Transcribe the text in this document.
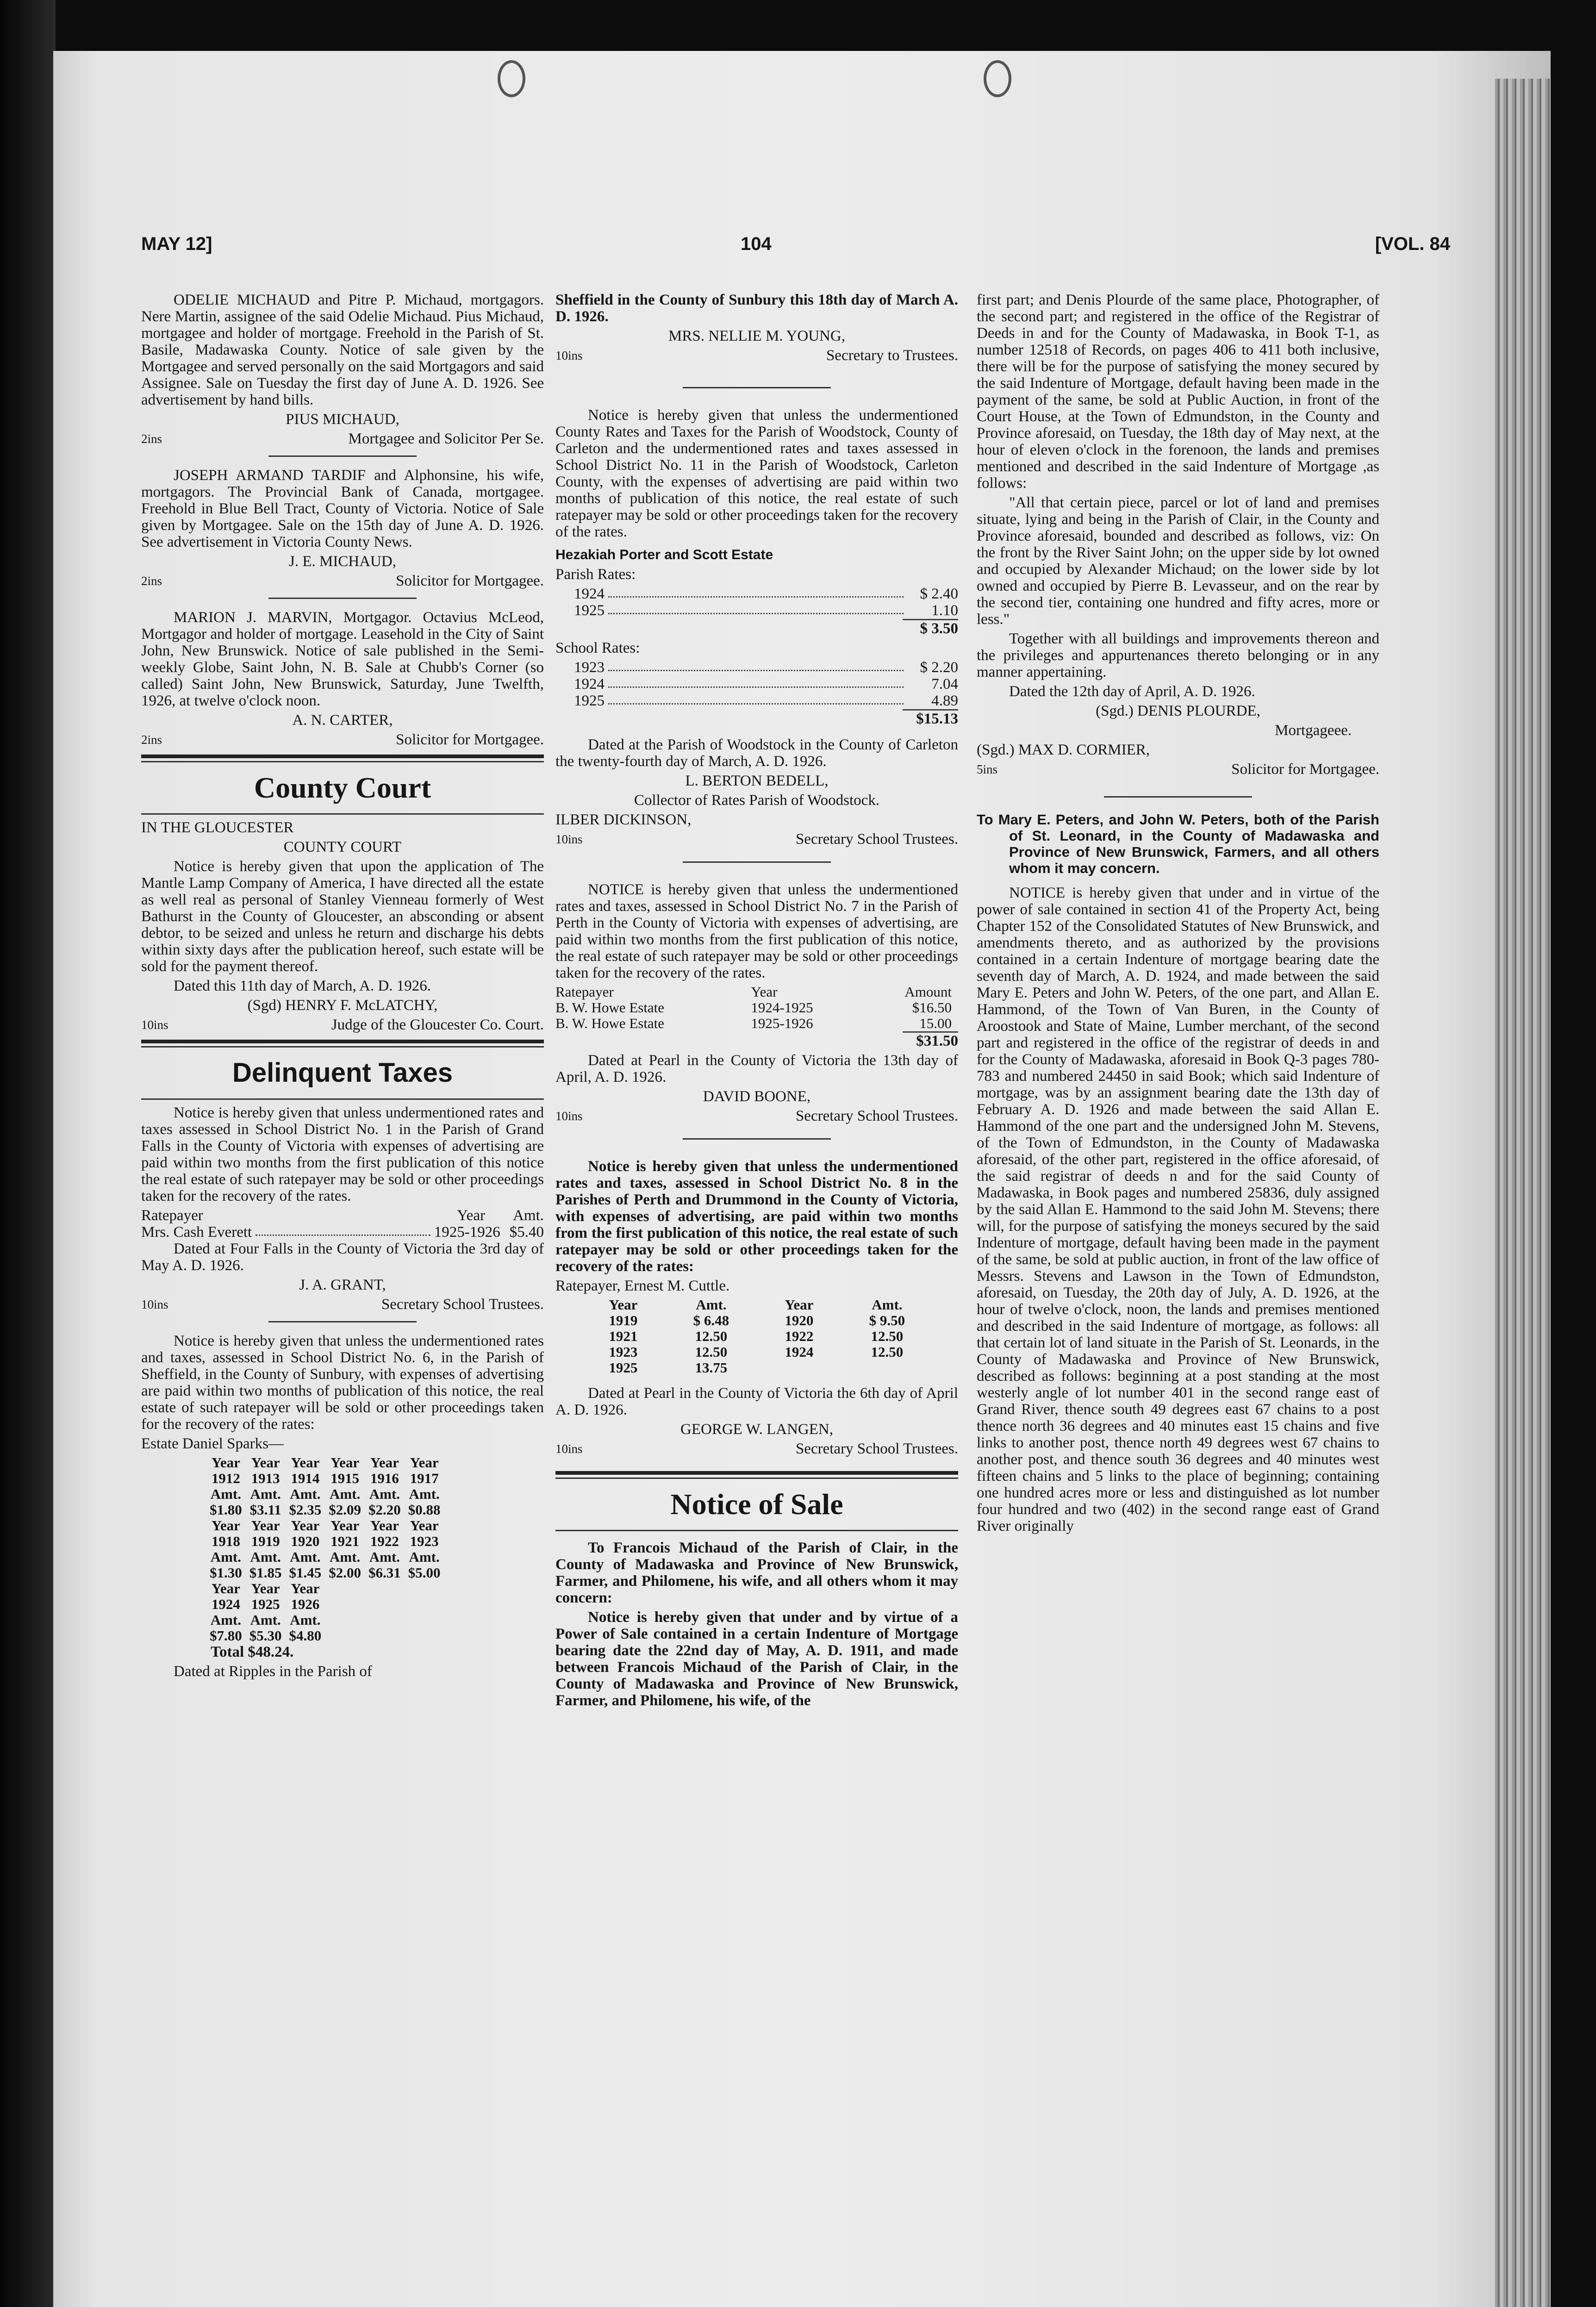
MAY 12]	104	[VOL. 84

ODELIE MICHAUD and Pitre P. Michaud, mortgagors. Nere Martin, assignee of the said Odelie Michaud. Pius Michaud, mortgagee and holder of mortgage. Freehold in the Parish of St. Basile, Madawaska County. Notice of sale given by the Mortgagee and served personally on the said Mortgagors and said Assignee. Sale on Tuesday the first day of June A. D. 1926. See advertisement by hand bills.

PIUS MICHAUD,

2ins	Mortgagee and Solicitor Per Se.

JOSEPH ARMAND TARDIF and Alphonsine, his wife, mortgagors. The Provincial Bank of Canada, mortgagee. Freehold in Blue Bell Tract, County of Victoria. Notice of Sale given by Mortgagee. Sale on the 15th day of June A. D. 1926. See advertisement in Victoria County News.

J. E. MICHAUD,

2ins	Solicitor for Mortgagee.

MARION J. MARVIN, Mortgagor. Octavius McLeod, Mortgagor and holder of mortgage. Leasehold in the City of Saint John, New Brunswick. Notice of sale published in the Semi-weekly Globe, Saint John, N. B. Sale at Chubb's Corner (so called) Saint John, New Brunswick, Saturday, June Twelfth, 1926, at twelve o'clock noon.

A. N. CARTER,

2ins	Solicitor for Mortgagee.
County Court

IN THE GLOUCESTER

COUNTY COURT

Notice is hereby given that upon the application of The Mantle Lamp Company of America, I have directed all the estate as well real as personal of Stanley Vienneau formerly of West Bathurst in the County of Gloucester, an absconding or absent debtor, to be seized and unless he return and discharge his debts within sixty days after the publication hereof, such estate will be sold for the payment thereof.

Dated this 11th day of March, A. D. 1926.

(Sgd) HENRY F. McLATCHY,

10ins	Judge of the Gloucester Co. Court.
Delinquent Taxes

Notice is hereby given that unless undermentioned rates and taxes assessed in School District No. 1 in the Parish of Grand Falls in the County of Victoria with expenses of advertising are paid within two months from the first publication of this notice the real estate of such ratepayer may be sold or other proceedings taken for the recovery of the rates.

Ratepayer	Year Amt.
Mrs. Cash Everett	1925-1926 $5.40

Dated at Four Falls in the County of Victoria the 3rd day of May A. D. 1926.

J. A. GRANT,

10ins	Secretary School Trustees.

Notice is hereby given that unless the undermentioned rates and taxes, assessed in School District No. 6, in the Parish of Sheffield, in the County of Sunbury, with expenses of advertising are paid within two months of publication of this notice, the real estate of such ratepayer will be sold or other proceedings taken for the recovery of the rates:

Estate Daniel Sparks—

Year	Year	Year	Year	Year	Year
1912	1913	1914	1915	1916	1917
Amt.	Amt.	Amt.	Amt.	Amt.	Amt.
$1.80	$3.11	$2.35	$2.09	$2.20	$0.88
Year	Year	Year	Year	Year	Year
1918	1919	1920	1921	1922	1923
Amt.	Amt.	Amt.	Amt.	Amt.	Amt.
$1.30	$1.85	$1.45	$2.00	$6.31	$5.00
Year	Year	Year			
1924	1925	1926			
Amt.	Amt.	Amt.			
$7.80	$5.30	$4.80			

Total $48.24.

Dated at Ripples in the Parish of

Sheffield in the County of Sunbury this 18th day of March A. D. 1926.

MRS. NELLIE M. YOUNG,

10ins	Secretary to Trustees.

Notice is hereby given that unless the undermentioned County Rates and Taxes for the Parish of Woodstock, County of Carleton and the undermentioned rates and taxes assessed in School District No. 11 in the Parish of Woodstock, Carleton County, with the expenses of advertising are paid within two months of publication of this notice, the real estate of such ratepayer may be sold or other proceedings taken for the recovery of the rates.

Hezakiah Porter and Scott Estate

Parish Rates:

1924	$ 2.40
1925	1.10

$ 3.50

School Rates:

1923	$ 2.20
1924	7.04
1925	4.89

$15.13

Dated at the Parish of Woodstock in the County of Carleton the twenty-fourth day of March, A. D. 1926.

L. BERTON BEDELL,

Collector of Rates Parish of Woodstock.

ILBER DICKINSON,

10ins	Secretary School Trustees.

NOTICE is hereby given that unless the undermentioned rates and taxes, assessed in School District No. 7 in the Parish of Perth in the County of Victoria with expenses of advertising, are paid within two months from the first publication of this notice, the real estate of such ratepayer may be sold or other proceedings taken for the recovery of the rates.

Ratepayer	Year	Amount
B. W. Howe Estate	1924-1925	$16.50
B. W. Howe Estate	1925-1926	15.00

$31.50

Dated at Pearl in the County of Victoria the 13th day of April, A. D. 1926.

DAVID BOONE,

10ins	Secretary School Trustees.

Notice is hereby given that unless the undermentioned rates and taxes, assessed in School District No. 8 in the Parishes of Perth and Drummond in the County of Victoria, with expenses of advertising, are paid within two months from the first publication of this notice, the real estate of such ratepayer may be sold or other proceedings taken for the recovery of the rates:

Ratepayer, Ernest M. Cuttle.

Year	Amt.	Year	Amt.
1919	$ 6.48	1920	$ 9.50
1921	12.50	1922	12.50
1923	12.50	1924	12.50
1925	13.75		

Dated at Pearl in the County of Victoria the 6th day of April A. D. 1926.

GEORGE W. LANGEN,

10ins	Secretary School Trustees.
Notice of Sale

To Francois Michaud of the Parish of Clair, in the County of Madawaska and Province of New Brunswick, Farmer, and Philomene, his wife, and all others whom it may concern:

Notice is hereby given that under and by virtue of a Power of Sale contained in a certain Indenture of Mortgage bearing date the 22nd day of May, A. D. 1911, and made between Francois Michaud of the Parish of Clair, in the County of Madawaska and Province of New Brunswick, Farmer, and Philomene, his wife, of the

first part; and Denis Plourde of the same place, Photographer, of the second part; and registered in the office of the Registrar of Deeds in and for the County of Madawaska, in Book T-1, as number 12518 of Records, on pages 406 to 411 both inclusive, there will be for the purpose of satisfying the money secured by the said Indenture of Mortgage, default having been made in the payment of the same, be sold at Public Auction, in front of the Court House, at the Town of Edmundston, in the County and Province aforesaid, on Tuesday, the 18th day of May next, at the hour of eleven o'clock in the forenoon, the lands and premises mentioned and described in the said Indenture of Mortgage ,as follows:

"All that certain piece, parcel or lot of land and premises situate, lying and being in the Parish of Clair, in the County and Province aforesaid, bounded and described as follows, viz: On the front by the River Saint John; on the upper side by lot owned and occupied by Alexander Michaud; on the lower side by lot owned and occupied by Pierre B. Levasseur, and on the rear by the second tier, containing one hundred and fifty acres, more or less."

Together with all buildings and improvements thereon and the privileges and appurtenances thereto belonging or in any manner appertaining.

Dated the 12th day of April, A. D. 1926.

(Sgd.) DENIS PLOURDE,

Mortgageee.

(Sgd.) MAX D. CORMIER,

5ins	Solicitor for Mortgagee.

To Mary E. Peters, and John W. Peters, both of the Parish of St. Leonard, in the County of Madawaska and Province of New Brunswick, Farmers, and all others whom it may concern.

NOTICE is hereby given that under and in virtue of the power of sale contained in section 41 of the Property Act, being Chapter 152 of the Consolidated Statutes of New Brunswick, and amendments thereto, and as authorized by the provisions contained in a certain Indenture of mortgage bearing date the seventh day of March, A. D. 1924, and made between the said Mary E. Peters and John W. Peters, of the one part, and Allan E. Hammond, of the Town of Van Buren, in the County of Aroostook and State of Maine, Lumber merchant, of the second part and registered in the office of the registrar of deeds in and for the County of Madawaska, aforesaid in Book Q-3 pages 780-783 and numbered 24450 in said Book; which said Indenture of mortgage, was by an assignment bearing date the 13th day of February A. D. 1926 and made between the said Allan E. Hammond of the one part and the undersigned John M. Stevens, of the Town of Edmundston, in the County of Madawaska aforesaid, of the other part, registered in the office aforesaid, of the said registrar of deeds n and for the said County of Madawaska, in Book pages and numbered 25836, duly assigned by the said Allan E. Hammond to the said John M. Stevens; there will, for the purpose of satisfying the moneys secured by the said Indenture of mortgage, default having been made in the payment of the same, be sold at public auction, in front of the law office of Messrs. Stevens and Lawson in the Town of Edmundston, aforesaid, on Tuesday, the 20th day of July, A. D. 1926, at the hour of twelve o'clock, noon, the lands and premises mentioned and described in the said Indenture of mortgage, as follows: all that certain lot of land situate in the Parish of St. Leonards, in the County of Madawaska and Province of New Brunswick, described as follows: beginning at a post standing at the most westerly angle of lot number 401 in the second range east of Grand River, thence south 49 degrees east 67 chains to a post thence north 36 degrees and 40 minutes east 15 chains and five links to another post, thence north 49 degrees west 67 chains to another post, and thence south 36 degrees and 40 minutes west fifteen chains and 5 links to the place of beginning; containing one hundred acres more or less and distinguished as lot number four hundred and two (402) in the second range east of Grand River originally
